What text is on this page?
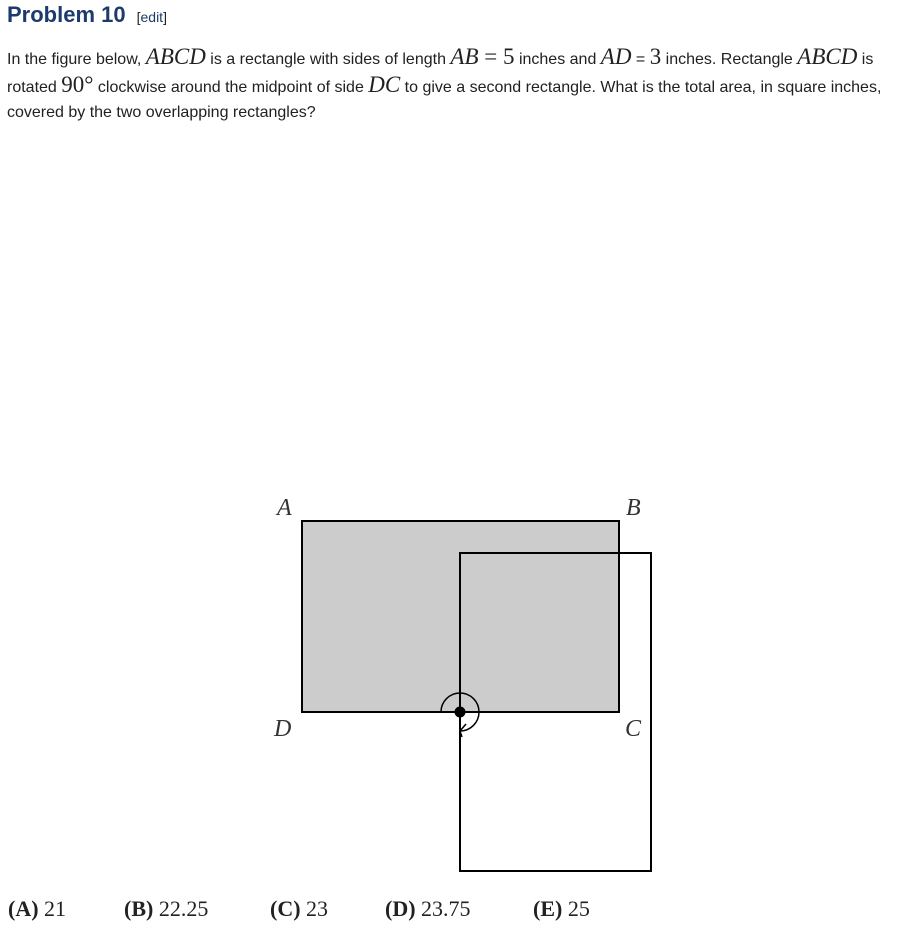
Problem 10 [edit]
In the figure below, ABCD is a rectangle with sides of length AB = 5 inches and AD = 3 inches. Rectangle ABCD is rotated 90° clockwise around the midpoint of side DC to give a second rectangle. What is the total area, in square inches, covered by the two overlapping rectangles?
A	B
D	C
(A) 21	(B) 22.25	(C) 23	(D) 23.75	(E) 25
